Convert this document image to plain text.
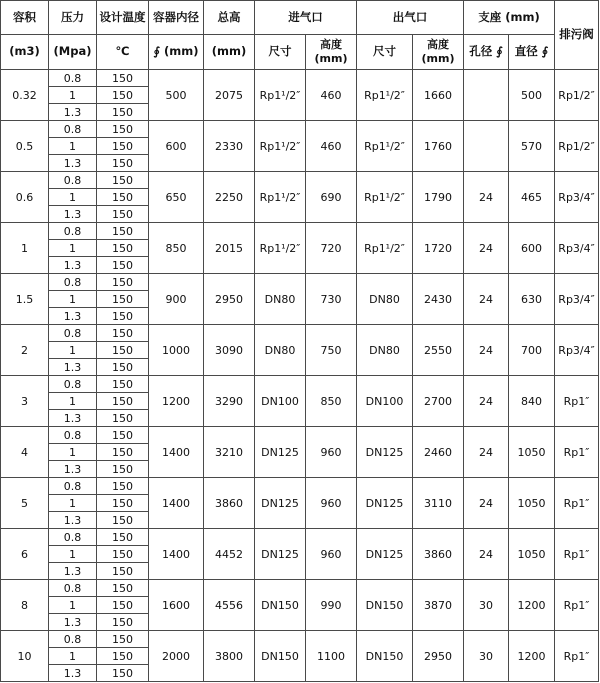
容积	压力	设计温度	容器内径	总高	进气口		出气口		支座 (mm)		排污阀
(m3)	(Mpa)	℃	∮ (mm)	(mm)	尺寸	高度 (mm)	尺寸	高度 (mm)	孔径 ∮	直径 ∮	
0.32	0.8	150	500	2075	Rp1¹/2″	460	Rp1¹/2″	1660		500	Rp1/2″
	1	150									
	1.3	150									
0.5	0.8	150	600	2330	Rp1¹/2″	460	Rp1¹/2″	1760		570	Rp1/2″
	1	150									
	1.3	150									
0.6	0.8	150	650	2250	Rp1¹/2″	690	Rp1¹/2″	1790	24	465	Rp3/4″
	1	150									
	1.3	150									
1	0.8	150	850	2015	Rp1¹/2″	720	Rp1¹/2″	1720	24	600	Rp3/4″
	1	150									
	1.3	150									
1.5	0.8	150	900	2950	DN80	730	DN80	2430	24	630	Rp3/4″
	1	150									
	1.3	150									
2	0.8	150	1000	3090	DN80	750	DN80	2550	24	700	Rp3/4″
	1	150									
	1.3	150									
3	0.8	150	1200	3290	DN100	850	DN100	2700	24	840	Rp1″
	1	150									
	1.3	150									
4	0.8	150	1400	3210	DN125	960	DN125	2460	24	1050	Rp1″
	1	150									
	1.3	150									
5	0.8	150	1400	3860	DN125	960	DN125	3110	24	1050	Rp1″
	1	150									
	1.3	150									
6	0.8	150	1400	4452	DN125	960	DN125	3860	24	1050	Rp1″
	1	150									
	1.3	150									
8	0.8	150	1600	4556	DN150	990	DN150	3870	30	1200	Rp1″
	1	150									
	1.3	150									
10	0.8	150	2000	3800	DN150	1100	DN150	2950	30	1200	Rp1″
	1	150									
	1.3	150									
